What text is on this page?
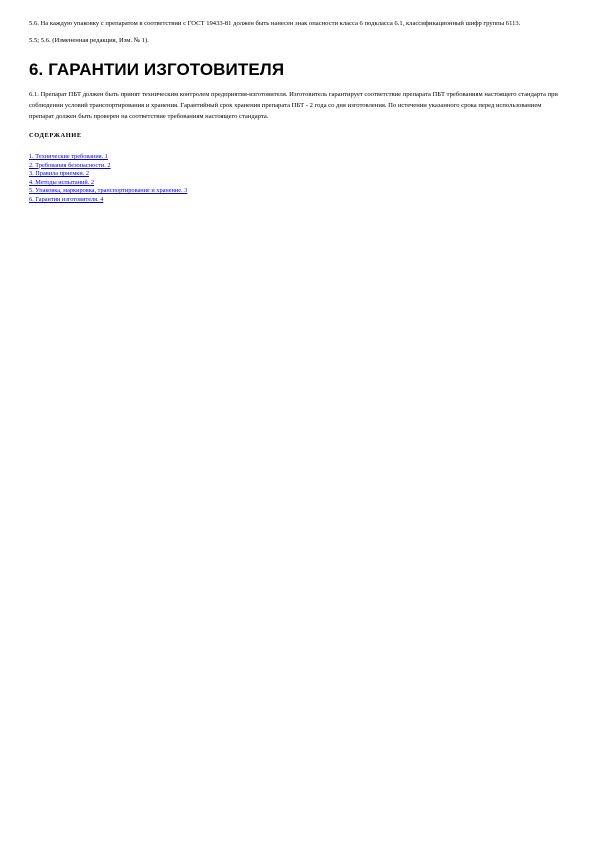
5.6. На каждую упаковку с препаратом в соответствии с ГОСТ 19433-81 должен быть нанесен знак опасности класса 6 подкласса 6.1, классификационный шифр группы 6113.

5.5; 5.6. (Измененная редакция, Изм. № 1).

6. ГАРАНТИИ ИЗГОТОВИТЕЛЯ

6.1. Препарат ПБТ должен быть принят техническим контролем предприятия-изготовителя. Изготовитель гарантирует соответствие препарата ПБТ требованиям настоящего стандарта при соблюдении условий транспортирования и хранения. Гарантийный срок хранения препарата ПБТ - 2 года со дня изготовления. По истечении указанного срока перед использованием препарат должен быть проверен на соответствие требованиям настоящего стандарта.

СОДЕРЖАНИЕ

1. Технические требования. 1
2. Требования безопасности. 2
3. Правила приемки. 2
4. Методы испытаний. 2
5. Упаковка, маркировка, транспортирование и хранение. 3
6. Гарантии изготовителя. 4
